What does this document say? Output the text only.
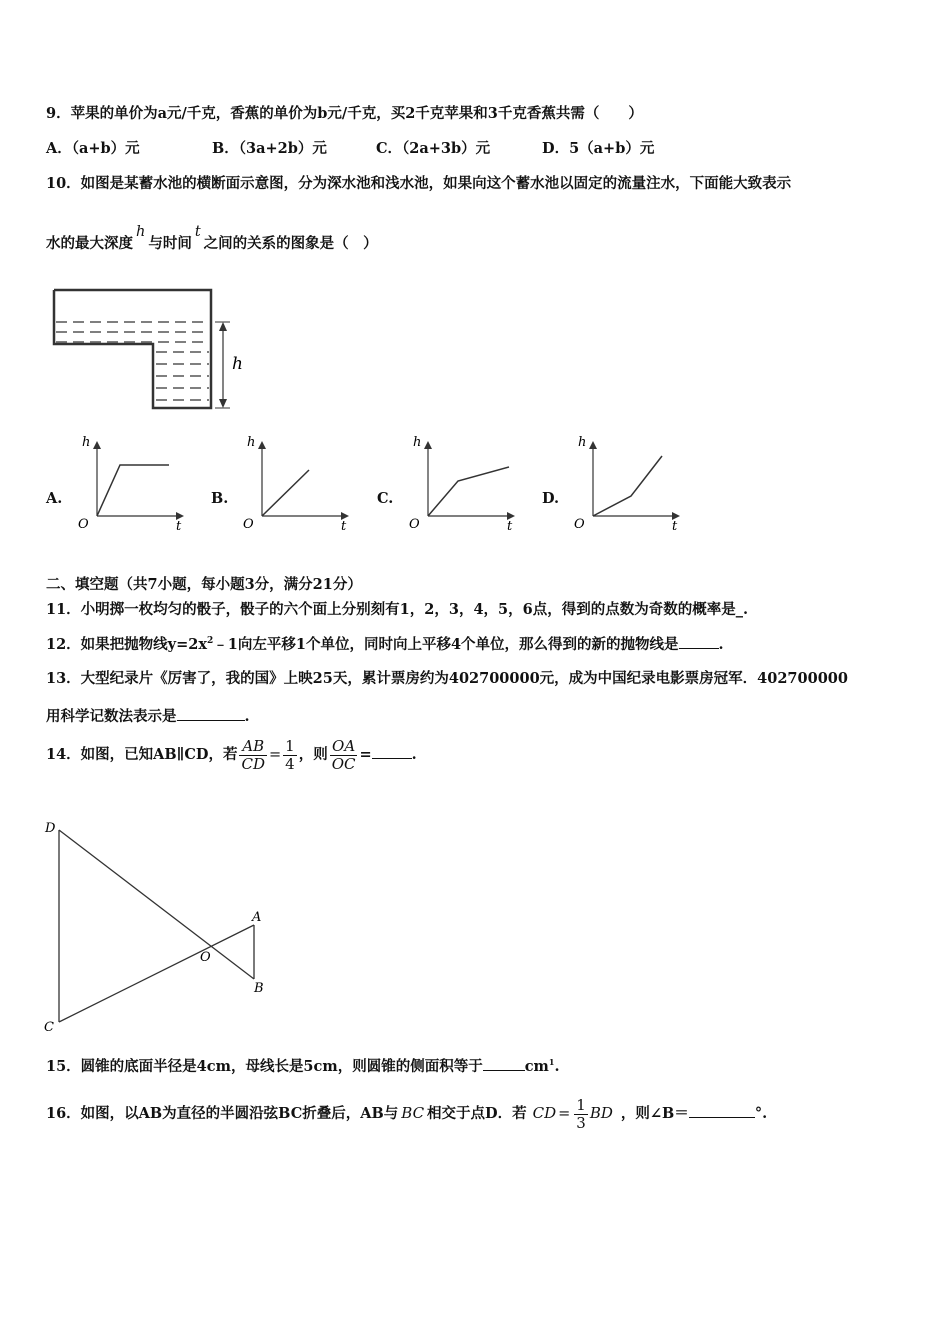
9．苹果的单价为a元/千克，香蕉的单价为b元/千克，买2千克苹果和3千克香蕉共需（　　）
A．（a+b）元	B．（3a+2b）元	C．（2a+3b）元	D．5（a+b）元
10．如图是某蓄水池的横断面示意图，分为深水池和浅水池，如果向这个蓄水池以固定的流量注水，下面能大致表示
水的最大深度h与时间t之间的关系的图象是（　）
h
A.	B.	C.	D.
h
O	t
h
O	t
h
O	t
h
O	t
二、填空题（共7小题，每小题3分，满分21分）
11．小明掷一枚均匀的骰子，骰子的六个面上分别刻有1，2，3，4，5，6点，得到的点数为奇数的概率是_.
12．如果把抛物线$y=2x^2﹣1$向左平移1个单位，同时向上平移4个单位，那么得到的新的抛物线是	.
13．大型纪录片《厉害了，我的国》上映25天，累计票房约为402700000元，成为中国纪录电影票房冠军．402700000
用科学记数法表示是	.
14．如图，已知AB∥CD，若 $\frac{AB}{CD} = \frac{1}{4}$ ，则 $\frac{OA}{OC}$ =	.
D
A
O
B
C
15．圆锥的底面半径是4cm，母线长是5cm，则圆锥的侧面积等于	$cm^1$.
16．如图，以AB为直径的半圆沿弦BC折叠后，AB与 BC 相交于点D．若 CD = $\frac{1}{3}$ BD ，则∠B＝	°.
